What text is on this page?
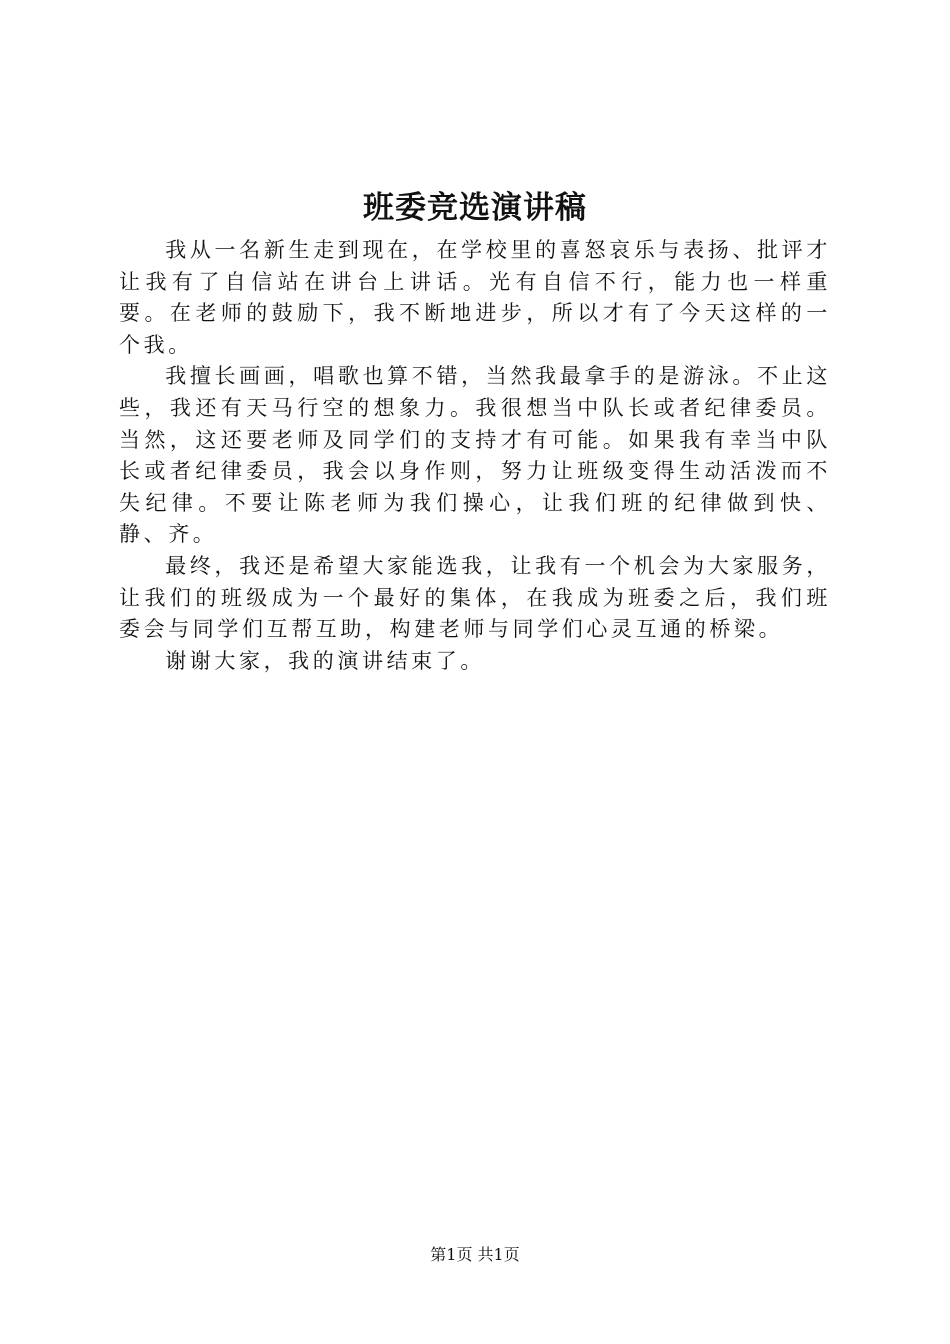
班委竞选演讲稿

我从一名新生走到现在，在学校里的喜怒哀乐与表扬、批评才让我有了自信站在讲台上讲话。光有自信不行，能力也一样重要。在老师的鼓励下，我不断地进步，所以才有了今天这样的一个我。

我擅长画画，唱歌也算不错，当然我最拿手的是游泳。不止这些，我还有天马行空的想象力。我很想当中队长或者纪律委员。当然，这还要老师及同学们的支持才有可能。如果我有幸当中队长或者纪律委员，我会以身作则，努力让班级变得生动活泼而不失纪律。不要让陈老师为我们操心，让我们班的纪律做到快、静、齐。

最终，我还是希望大家能选我，让我有一个机会为大家服务，让我们的班级成为一个最好的集体，在我成为班委之后，我们班委会与同学们互帮互助，构建老师与同学们心灵互通的桥梁。

谢谢大家，我的演讲结束了。

第1页 共1页
